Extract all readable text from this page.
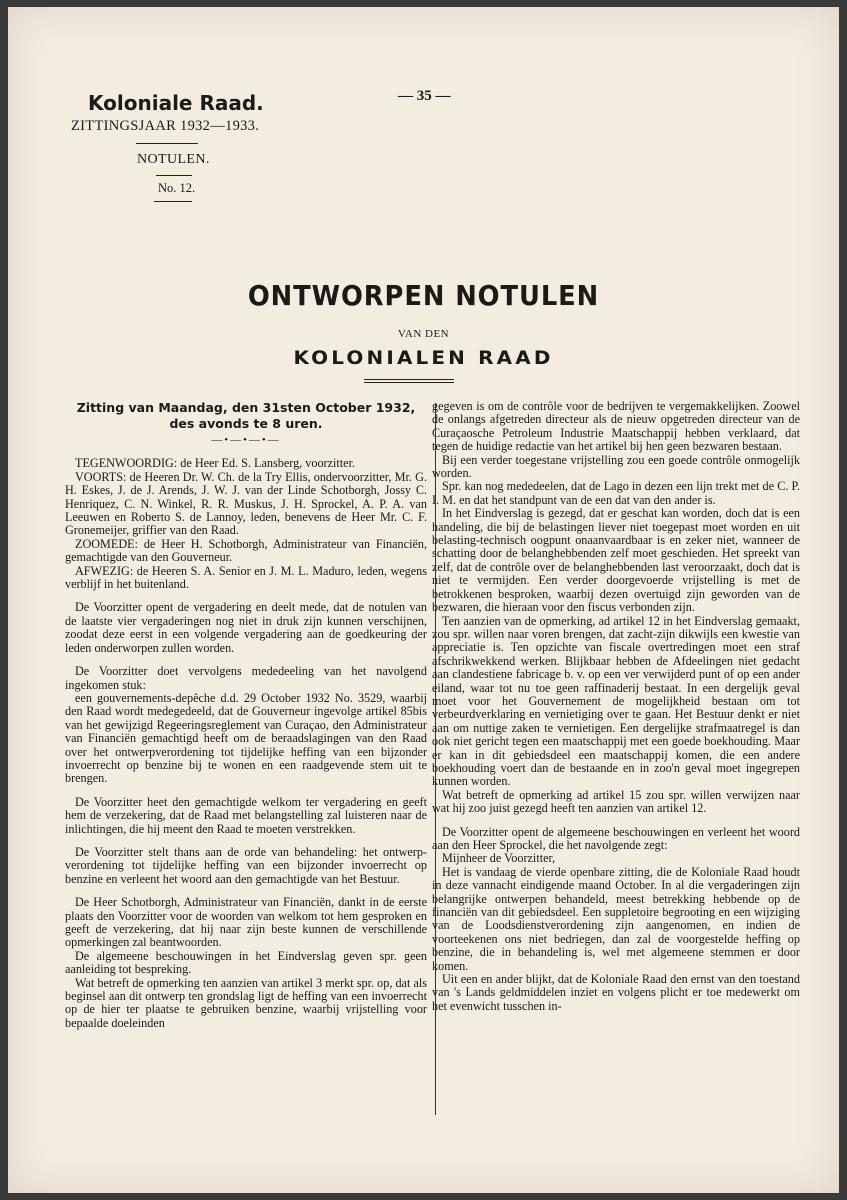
Koloniale Raad.
ZITTINGSJAAR 1932—1933.
— 35 —
NOTULEN.
No. 12.
ONTWORPEN NOTULEN
VAN DEN
KOLONIALEN RAAD
Zitting van Maandag, den 31sten October 1932, des avonds te 8 uren.
—•—•—•—

TEGENWOORDIG: de Heer Ed. S. Lansberg, voorzitter.

VOORTS: de Heeren Dr. W. Ch. de la Try Ellis, ondervoorzitter, Mr. G. H. Eskes, J. de J. Arends, J. W. J. van der Linde Schotborgh, Jossy C. Henriquez, C. N. Winkel, R. R. Muskus, J. H. Sprockel, A. P. A. van Leeuwen en Roberto S. de Lannoy, leden, benevens de Heer Mr. C. F. Gronemeijer, griffier van den Raad.

ZOOMEDE: de Heer H. Schotborgh, Administrateur van Financiën, gemachtigde van den Gouverneur.

AFWEZIG: de Heeren S. A. Senior en J. M. L. Maduro, leden, wegens verblijf in het buitenland.

De Voorzitter opent de vergadering en deelt mede, dat de notulen van de laatste vier vergaderingen nog niet in druk zijn kunnen verschijnen, zoodat deze eerst in een volgende vergadering aan de goedkeuring der leden onderworpen zullen worden.

De Voorzitter doet vervolgens mededeeling van het navolgend ingekomen stuk:

een gouvernements-depêche d.d. 29 October 1932 No. 3529, waarbij den Raad wordt medegedeeld, dat de Gouverneur ingevolge artikel 85bis van het gewijzigd Regeeringsreglement van Curaçao, den Administrateur van Financiën gemachtigd heeft om de beraadslagingen van den Raad over het ontwerpverordening tot tijdelijke heffing van een bijzonder invoerrecht op benzine bij te wonen en een raadgevende stem uit te brengen.

De Voorzitter heet den gemachtigde welkom ter vergadering en geeft hem de verzekering, dat de Raad met belangstelling zal luisteren naar de inlichtingen, die hij meent den Raad te moeten verstrekken.

De Voorzitter stelt thans aan de orde van behandeling: het ontwerp-verordening tot tijdelijke heffing van een bijzonder invoerrecht op benzine en verleent het woord aan den gemachtigde van het Bestuur.

De Heer Schotborgh, Administrateur van Financiën, dankt in de eerste plaats den Voorzitter voor de woorden van welkom tot hem gesproken en geeft de verzekering, dat hij naar zijn beste kunnen de verschillende opmerkingen zal beantwoorden.

De algemeene beschouwingen in het Eindverslag geven spr. geen aanleiding tot bespreking.

Wat betreft de opmerking ten aanzien van artikel 3 merkt spr. op, dat als beginsel aan dit ontwerp ten grondslag ligt de heffing van een invoerrecht op de hier ter plaatse te gebruiken benzine, waarbij vrijstelling voor bepaalde doeleinden

gegeven is om de contrôle voor de bedrijven te vergemakkelijken. Zoowel de onlangs afgetreden directeur als de nieuw opgetreden directeur van de Curaçaosche Petroleum Industrie Maatschappij hebben verklaard, dat tegen de huidige redactie van het artikel bij hen geen bezwaren bestaan.

Bij een verder toegestane vrijstelling zou een goede contrôle onmogelijk worden.

Spr. kan nog mededeelen, dat de Lago in dezen een lijn trekt met de C. P. I. M. en dat het standpunt van de een dat van den ander is.

In het Eindverslag is gezegd, dat er geschat kan worden, doch dat is een handeling, die bij de belastingen liever niet toegepast moet worden en uit belasting-technisch oogpunt onaanvaardbaar is en zeker niet, wanneer de schatting door de belanghebbenden zelf moet geschieden. Het spreekt van zelf, dat de contrôle over de belanghebbenden last veroorzaakt, doch dat is niet te vermijden. Een verder doorgevoerde vrijstelling is met de betrokkenen besproken, waarbij dezen overtuigd zijn geworden van de bezwaren, die hieraan voor den fiscus verbonden zijn.

Ten aanzien van de opmerking, ad artikel 12 in het Eindverslag gemaakt, zou spr. willen naar voren brengen, dat zacht-zijn dikwijls een kwestie van appreciatie is. Ten opzichte van fiscale overtredingen moet een straf afschrikwekkend werken. Blijkbaar hebben de Afdeelingen niet gedacht aan clandestiene fabricage b. v. op een ver verwijderd punt of op een ander eiland, waar tot nu toe geen raffinaderij bestaat. In een dergelijk geval moet voor het Gouvernement de mogelijkheid bestaan om tot verbeurdverklaring en vernietiging over te gaan. Het Bestuur denkt er niet aan om nuttige zaken te vernietigen. Een dergelijke strafmaatregel is dan ook niet gericht tegen een maatschappij met een goede boekhouding. Maar er kan in dit gebiedsdeel een maatschappij komen, die een andere boekhouding voert dan de bestaande en in zoo'n geval moet ingegrepen kunnen worden.

Wat betreft de opmerking ad artikel 15 zou spr. willen verwijzen naar wat hij zoo juist gezegd heeft ten aanzien van artikel 12.

De Voorzitter opent de algemeene beschouwingen en verleent het woord aan den Heer Sprockel, die het navolgende zegt:

Mijnheer de Voorzitter,

Het is vandaag de vierde openbare zitting, die de Koloniale Raad houdt in deze vannacht eindigende maand October. In al die vergaderingen zijn belangrijke ontwerpen behandeld, meest betrekking hebbende op de financiën van dit gebiedsdeel. Een suppletoire begrooting en een wijziging van de Loodsdienstverordening zijn aangenomen, en indien de voorteekenen ons niet bedriegen, dan zal de voorgestelde heffing op benzine, die in behandeling is, wel met algemeene stemmen er door komen.

Uit een en ander blijkt, dat de Koloniale Raad den ernst van den toestand van 's Lands geldmiddelen inziet en volgens plicht er toe medewerkt om het evenwicht tusschen in-
